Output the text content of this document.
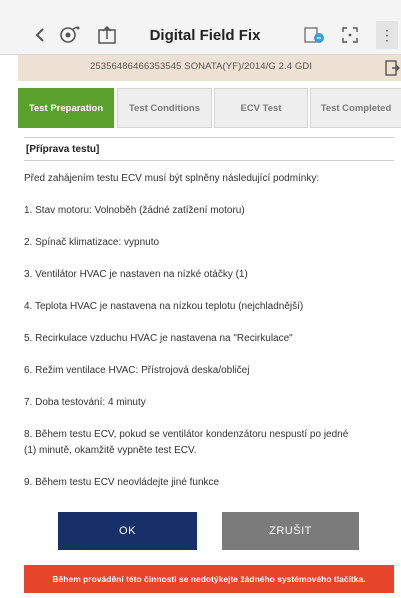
Digital Field Fix	⋮
25356486466353545 SONATA(YF)/2014/G 2.4 GDI
Test Preparation	Test Conditions	ECV Test	Test Completed
[Příprava testu]
Před zahájením testu ECV musí být splněny následující podmínky:
1. Stav motoru: Volnoběh (žádné zatížení motoru)
2. Spínač klimatizace: vypnuto
3. Ventilátor HVAC je nastaven na nízké otáčky (1)
4. Teplota HVAC je nastavena na nízkou teplotu (nejchladnější)
5. Recirkulace vzduchu HVAC je nastavena na "Recirkulace"
6. Režim ventilace HVAC: Přístrojová deska/obličej
7. Doba testování: 4 minuty
8. Během testu ECV, pokud se ventilátor kondenzátoru nespustí po jedné
(1) minutě, okamžitě vypněte test ECV.
9. Během testu ECV neovládejte jiné funkce
OK	ZRUŠIT
Během provádění této činnosti se nedotýkejte žádného systémového tlačítka.
